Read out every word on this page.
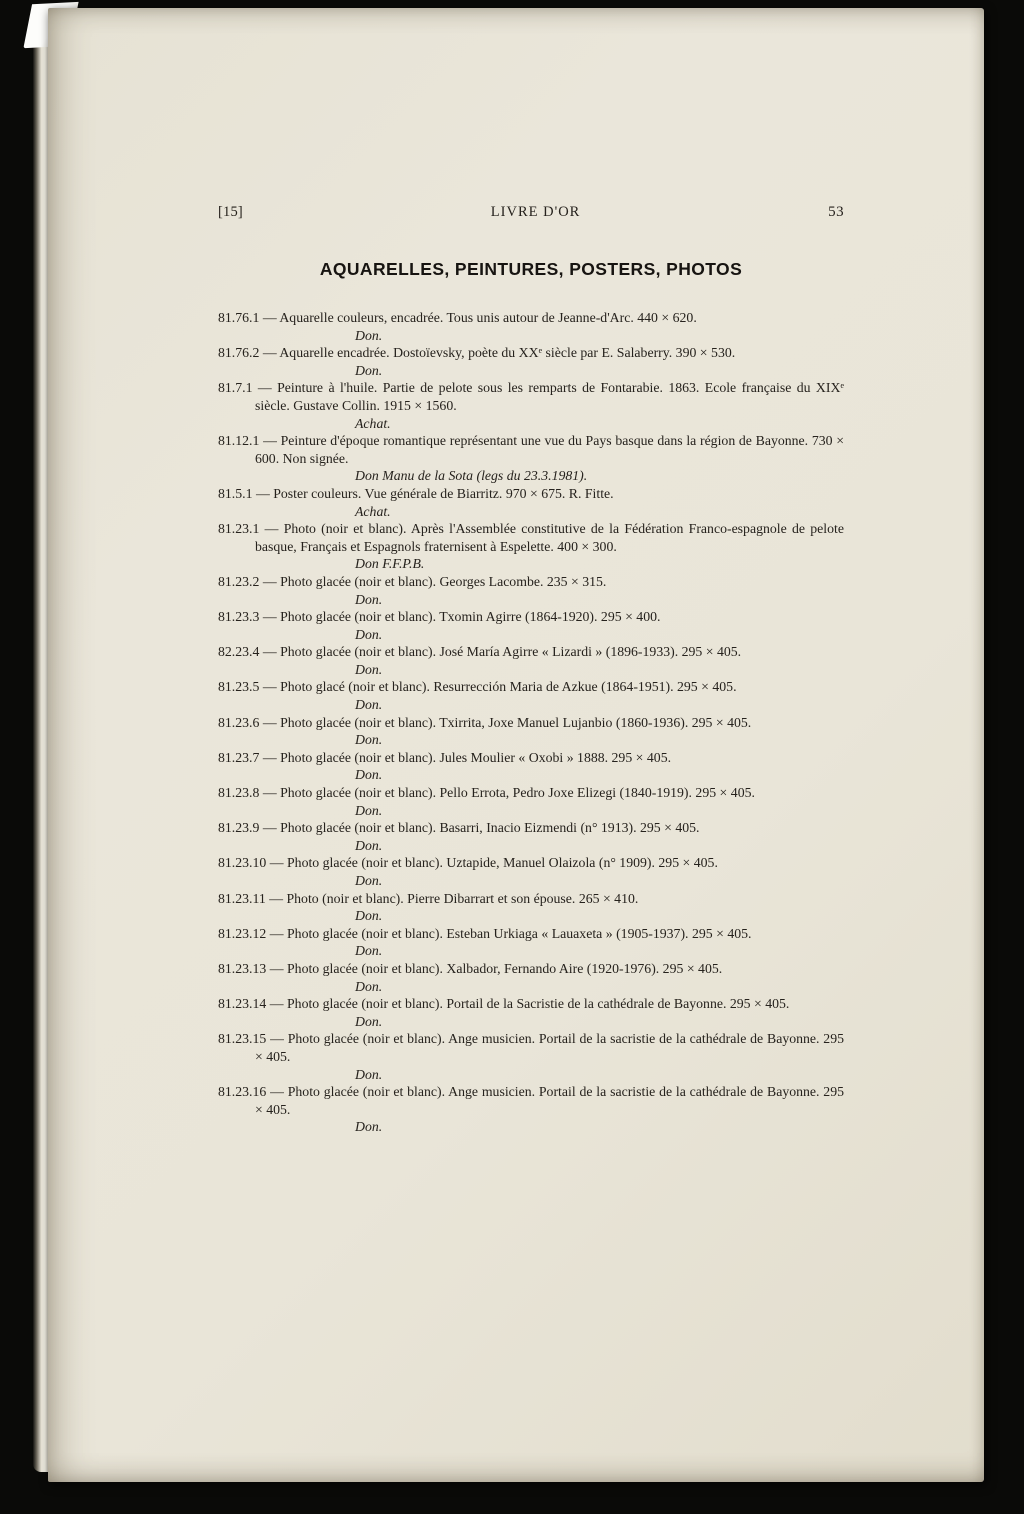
[15]	LIVRE D'OR	53
AQUARELLES, PEINTURES, POSTERS, PHOTOS

81.76.1 — Aquarelle couleurs, encadrée. Tous unis autour de Jeanne-d'Arc. 440 × 620.

Don.

81.76.2 — Aquarelle encadrée. Dostoïevsky, poète du XXᵉ siècle par E. Salaberry. 390 × 530.

Don.

81.7.1 — Peinture à l'huile. Partie de pelote sous les remparts de Fontarabie. 1863. Ecole française du XIXᵉ siècle. Gustave Collin. 1915 × 1560.

Achat.

81.12.1 — Peinture d'époque romantique représentant une vue du Pays basque dans la région de Bayonne. 730 × 600. Non signée.

Don Manu de la Sota (legs du 23.3.1981).

81.5.1 — Poster couleurs. Vue générale de Biarritz. 970 × 675. R. Fitte.

Achat.

81.23.1 — Photo (noir et blanc). Après l'Assemblée constitutive de la Fédération Franco-espagnole de pelote basque, Français et Espagnols fraternisent à Espelette. 400 × 300.

Don F.F.P.B.

81.23.2 — Photo glacée (noir et blanc). Georges Lacombe. 235 × 315.

Don.

81.23.3 — Photo glacée (noir et blanc). Txomin Agirre (1864-1920). 295 × 400.

Don.

82.23.4 — Photo glacée (noir et blanc). José María Agirre « Lizardi » (1896-1933). 295 × 405.

Don.

81.23.5 — Photo glacé (noir et blanc). Resurrección Maria de Azkue (1864-1951). 295 × 405.

Don.

81.23.6 — Photo glacée (noir et blanc). Txirrita, Joxe Manuel Lujanbio (1860-1936). 295 × 405.

Don.

81.23.7 — Photo glacée (noir et blanc). Jules Moulier « Oxobi » 1888. 295 × 405.

Don.

81.23.8 — Photo glacée (noir et blanc). Pello Errota, Pedro Joxe Elizegi (1840-1919). 295 × 405.

Don.

81.23.9 — Photo glacée (noir et blanc). Basarri, Inacio Eizmendi (n° 1913). 295 × 405.

Don.

81.23.10 — Photo glacée (noir et blanc). Uztapide, Manuel Olaizola (n° 1909). 295 × 405.

Don.

81.23.11 — Photo (noir et blanc). Pierre Dibarrart et son épouse. 265 × 410.

Don.

81.23.12 — Photo glacée (noir et blanc). Esteban Urkiaga « Lauaxeta » (1905-1937). 295 × 405.

Don.

81.23.13 — Photo glacée (noir et blanc). Xalbador, Fernando Aire (1920-1976). 295 × 405.

Don.

81.23.14 — Photo glacée (noir et blanc). Portail de la Sacristie de la cathédrale de Bayonne. 295 × 405.

Don.

81.23.15 — Photo glacée (noir et blanc). Ange musicien. Portail de la sacristie de la cathédrale de Bayonne. 295 × 405.

Don.

81.23.16 — Photo glacée (noir et blanc). Ange musicien. Portail de la sacristie de la cathédrale de Bayonne. 295 × 405.

Don.
